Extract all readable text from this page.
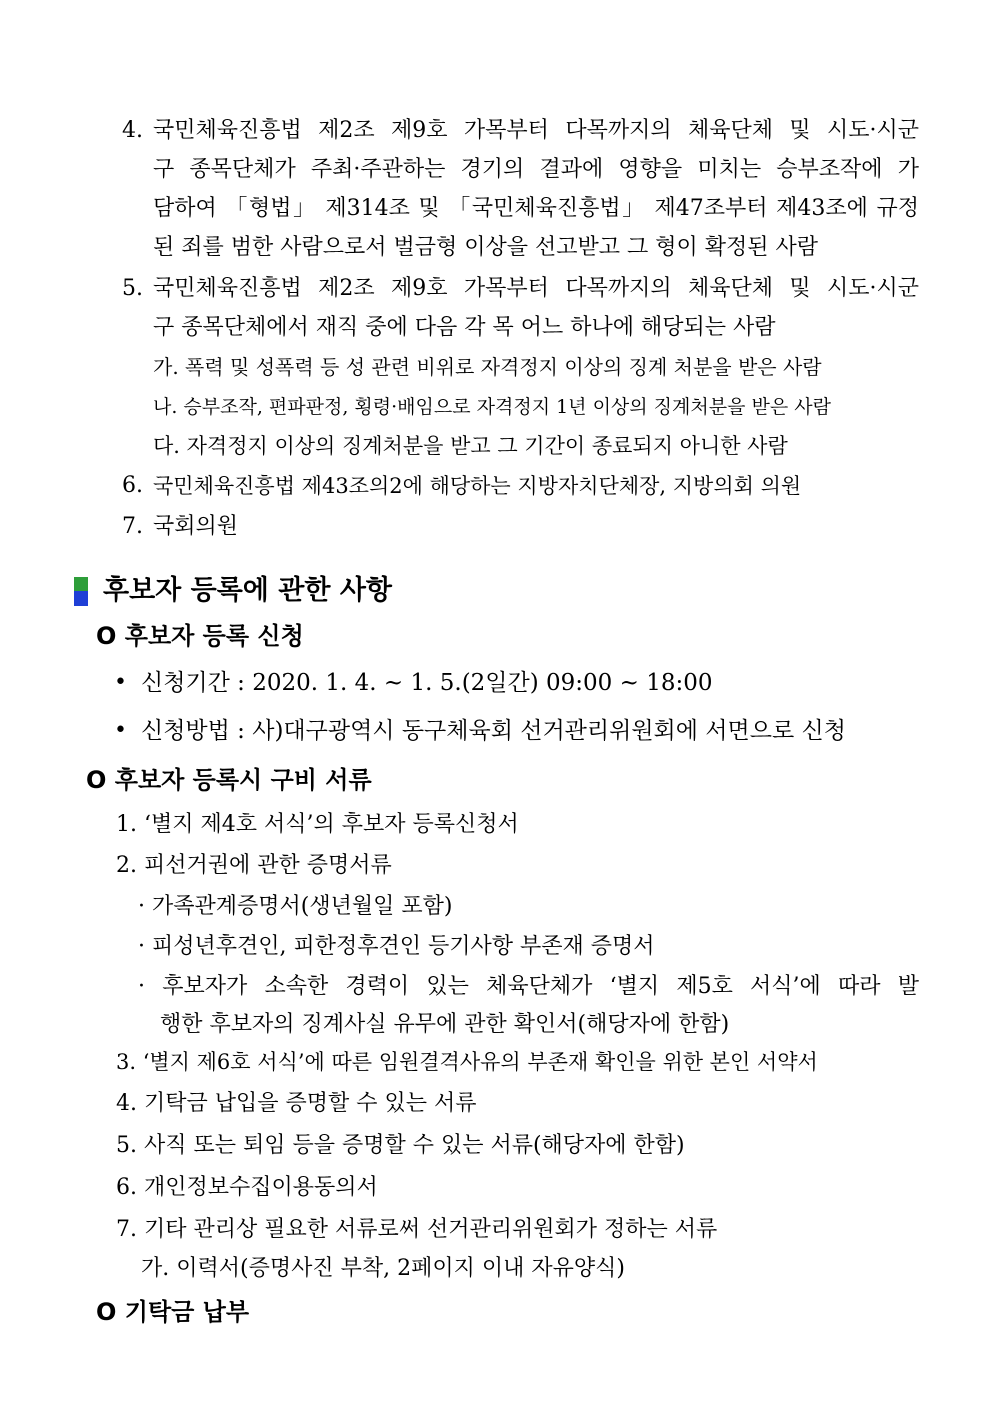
4. 국민체육진흥법 제2조 제9호 가목부터 다목까지의 체육단체 및 시도·시군
구 종목단체가 주최·주관하는 경기의 결과에 영향을 미치는 승부조작에 가
담하여 「형법」 제314조 및 「국민체육진흥법」 제47조부터 제43조에 규정
된 죄를 범한 사람으로서 벌금형 이상을 선고받고 그 형이 확정된 사람
5. 국민체육진흥법 제2조 제9호 가목부터 다목까지의 체육단체 및 시도·시군
구 종목단체에서 재직 중에 다음 각 목 어느 하나에 해당되는 사람
가. 폭력 및 성폭력 등 성 관련 비위로 자격정지 이상의 징계 처분을 받은 사람
나. 승부조작, 편파판정, 횡령·배임으로 자격정지 1년 이상의 징계처분을 받은 사람
다. 자격정지 이상의 징계처분을 받고 그 기간이 종료되지 아니한 사람
6. 국민체육진흥법 제43조의2에 해당하는 지방자치단체장, 지방의회 의원
7. 국회의원
후보자 등록에 관한 사항
O 후보자 등록 신청
• 신청기간 : 2020. 1. 4. ~ 1. 5.(2일간) 09:00 ~ 18:00
• 신청방법 : 사)대구광역시 동구체육회 선거관리위원회에 서면으로 신청
O 후보자 등록시 구비 서류
1. ‘별지 제4호 서식’의 후보자 등록신청서
2. 피선거권에 관한 증명서류
· 가족관계증명서(생년월일 포함)
· 피성년후견인, 피한정후견인 등기사항 부존재 증명서
· 후보자가 소속한 경력이 있는 체육단체가 ‘별지 제5호 서식’에 따라 발
행한 후보자의 징계사실 유무에 관한 확인서(해당자에 한함)
3. ‘별지 제6호 서식’에 따른 임원결격사유의 부존재 확인을 위한 본인 서약서
4. 기탁금 납입을 증명할 수 있는 서류
5. 사직 또는 퇴임 등을 증명할 수 있는 서류(해당자에 한함)
6. 개인정보수집이용동의서
7. 기타 관리상 필요한 서류로써 선거관리위원회가 정하는 서류
가. 이력서(증명사진 부착, 2페이지 이내 자유양식)
O 기탁금 납부
